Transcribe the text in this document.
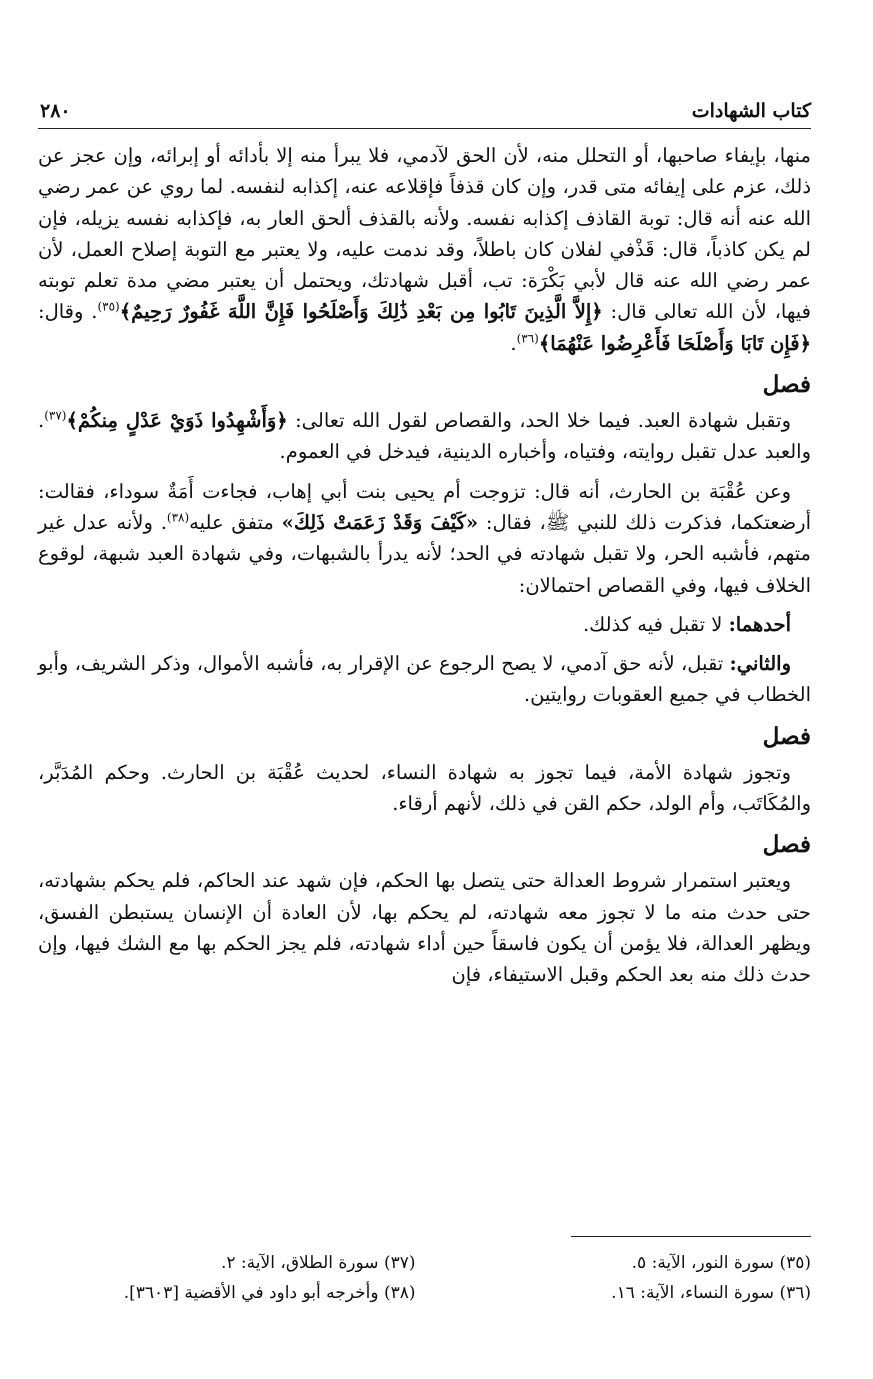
كتاب الشهادات
٢٨٠

منها، بإيفاء صاحبها، أو التحلل منه، لأن الحق لآدمي، فلا يبرأ منه إلا بأدائه أو إبرائه، وإن عجز عن ذلك، عزم على إيفائه متى قدر، وإن كان قذفاً فإقلاعه عنه، إكذابه لنفسه. لما روي عن عمر رضي الله عنه أنه قال: توبة القاذف إكذابه نفسه. ولأنه بالقذف ألحق العار به، فإكذابه نفسه يزيله، فإن لم يكن كاذباً، قال: قَذْفي لفلان كان باطلاً، وقد ندمت عليه، ولا يعتبر مع التوبة إصلاح العمل، لأن عمر رضي الله عنه قال لأبي بَكْرَة: تب، أقبل شهادتك، ويحتمل أن يعتبر مضي مدة تعلم توبته فيها، لأن الله تعالى قال: ﴿إِلاَّ الَّذِينَ تَابُوا مِن بَعْدِ ذَٰلِكَ وَأَصْلَحُوا فَإِنَّ اللَّهَ غَفُورٌ رَحِيمٌ﴾$^{(٣٥)}$. وقال: ﴿فَإِن تَابَا وَأَصْلَحَا فَأَعْرِضُوا عَنْهُمَا﴾$^{(٣٦)}$.

فصل

وتقبل شهادة العبد. فيما خلا الحد، والقصاص لقول الله تعالى: ﴿وَأَشْهِدُوا ذَوَيْ عَدْلٍ مِنكُمْ﴾$^{(٣٧)}$. والعبد عدل تقبل روايته، وفتياه، وأخباره الدينية، فيدخل في العموم.

وعن عُقْبَة بن الحارث، أنه قال: تزوجت أم يحيى بنت أبي إهاب، فجاءت أَمَةٌ سوداء، فقالت: أرضعتكما، فذكرت ذلك للنبي ﷺ، فقال: «كَيْفَ وَقَدْ زَعَمَتْ ذَلِكَ» متفق عليه$^{(٣٨)}$. ولأنه عدل غير متهم، فأشبه الحر، ولا تقبل شهادته في الحد؛ لأنه يدرأ بالشبهات، وفي شهادة العبد شبهة، لوقوع الخلاف فيها، وفي القصاص احتمالان:

أحدهما: لا تقبل فيه كذلك.

والثاني: تقبل، لأنه حق آدمي، لا يصح الرجوع عن الإقرار به، فأشبه الأموال، وذكر الشريف، وأبو الخطاب في جميع العقوبات روايتين.

فصل

وتجوز شهادة الأمة، فيما تجوز به شهادة النساء، لحديث عُقْبَة بن الحارث. وحكم المُدَبَّر، والمُكَاتَب، وأم الولد، حكم القن في ذلك، لأنهم أرقاء.

فصل

ويعتبر استمرار شروط العدالة حتى يتصل بها الحكم، فإن شهد عند الحاكم، فلم يحكم بشهادته، حتى حدث منه ما لا تجوز معه شهادته، لم يحكم بها، لأن العادة أن الإنسان يستبطن الفسق، ويظهر العدالة، فلا يؤمن أن يكون فاسقاً حين أداء شهادته، فلم يجز الحكم بها مع الشك فيها، وإن حدث ذلك منه بعد الحكم وقبل الاستيفاء، فإن

(٣٥) سورة النور، الآية: ٥.
(٣٧) سورة الطلاق، الآية: ٢.
(٣٦) سورة النساء، الآية: ١٦.
(٣٨) وأخرجه أبو داود في الأقضية [٣٦٠٣].
